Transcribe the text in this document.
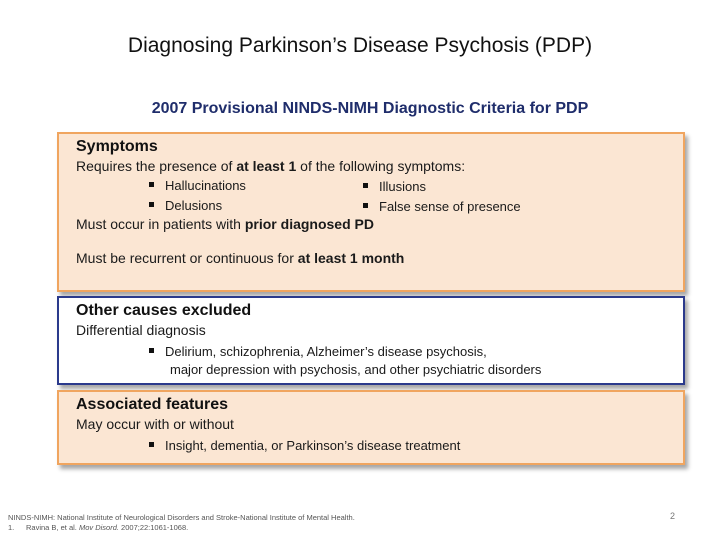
Diagnosing Parkinson’s Disease Psychosis (PDP)
2007 Provisional NINDS-NIMH Diagnostic Criteria for PDP
Symptoms
Requires the presence of at least 1 of the following symptoms:
Hallucinations
Delusions
Illusions
False sense of presence
Must occur in patients with prior diagnosed PD
Must be recurrent or continuous for at least 1 month
Other causes excluded
Differential diagnosis
Delirium, schizophrenia, Alzheimer’s disease psychosis,
major depression with psychosis, and other psychiatric disorders
Associated features
May occur with or without
Insight, dementia, or Parkinson’s disease treatment
NINDS-NIMH: National Institute of Neurological Disorders and Stroke-National Institute of Mental Health.
1. Ravina B, et al. Mov Disord. 2007;22:1061-1068.
2
